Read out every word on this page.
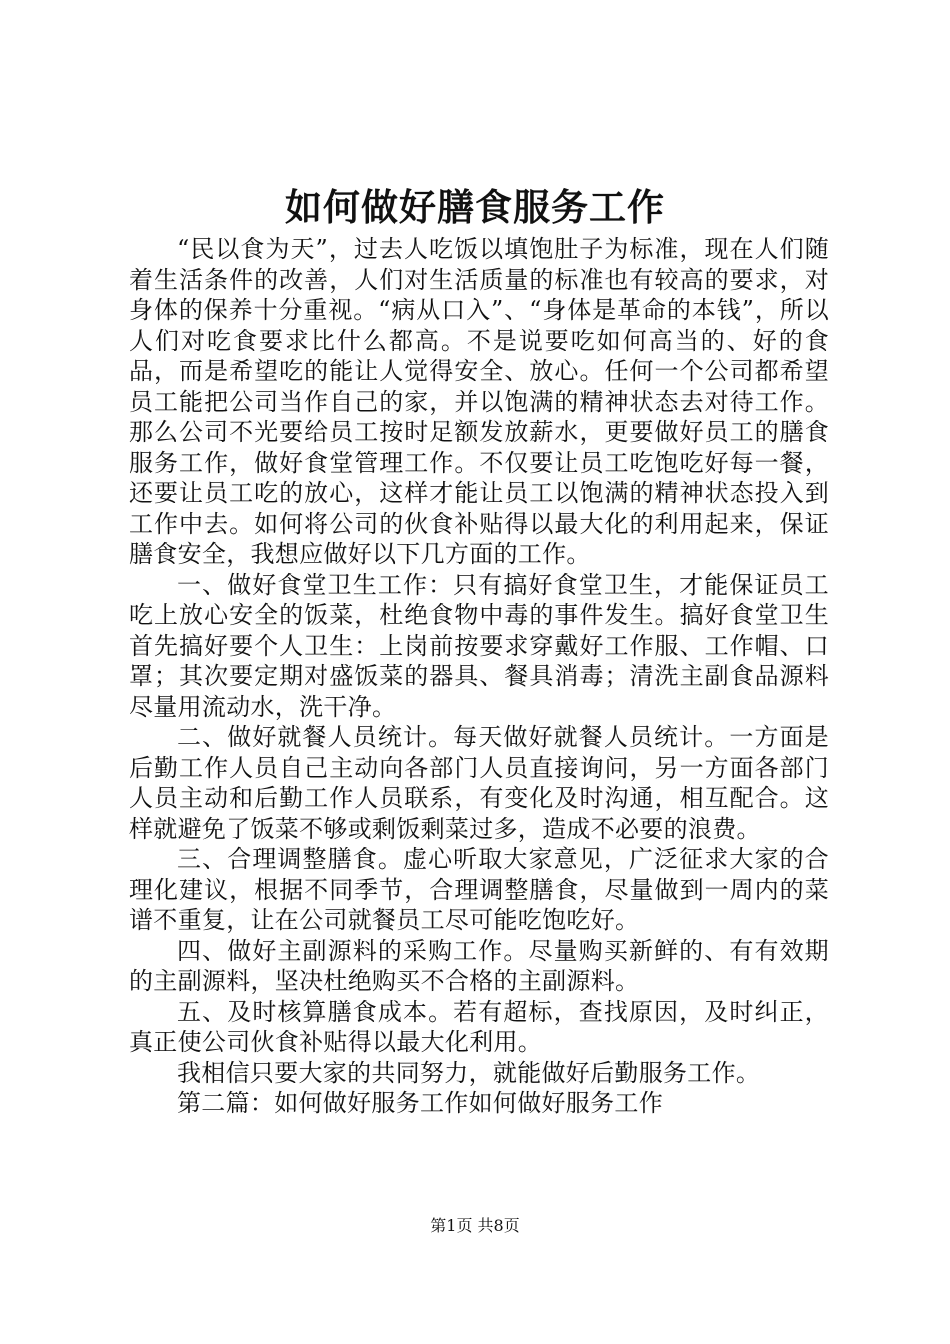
如何做好膳食服务工作

“民以食为天”，过去人吃饭以填饱肚子为标准，现在人们随着生活条件的改善，人们对生活质量的标准也有较高的要求，对身体的保养十分重视。“病从口入”、“身体是革命的本钱”，所以人们对吃食要求比什么都高。不是说要吃如何高当的、好的食品，而是希望吃的能让人觉得安全、放心。任何一个公司都希望员工能把公司当作自己的家，并以饱满的精神状态去对待工作。那么公司不光要给员工按时足额发放薪水，更要做好员工的膳食服务工作，做好食堂管理工作。不仅要让员工吃饱吃好每一餐，还要让员工吃的放心，这样才能让员工以饱满的精神状态投入到工作中去。如何将公司的伙食补贴得以最大化的利用起来，保证膳食安全，我想应做好以下几方面的工作。

一、做好食堂卫生工作：只有搞好食堂卫生，才能保证员工吃上放心安全的饭菜，杜绝食物中毒的事件发生。搞好食堂卫生首先搞好要个人卫生：上岗前按要求穿戴好工作服、工作帽、口罩；其次要定期对盛饭菜的器具、餐具消毒；清洗主副食品源料尽量用流动水，洗干净。

二、做好就餐人员统计。每天做好就餐人员统计。一方面是后勤工作人员自己主动向各部门人员直接询问，另一方面各部门人员主动和后勤工作人员联系，有变化及时沟通，相互配合。这样就避免了饭菜不够或剩饭剩菜过多，造成不必要的浪费。

三、合理调整膳食。虚心听取大家意见，广泛征求大家的合理化建议，根据不同季节，合理调整膳食，尽量做到一周内的菜谱不重复，让在公司就餐员工尽可能吃饱吃好。

四、做好主副源料的采购工作。尽量购买新鲜的、有有效期的主副源料，坚决杜绝购买不合格的主副源料。

五、及时核算膳食成本。若有超标，查找原因，及时纠正，真正使公司伙食补贴得以最大化利用。

我相信只要大家的共同努力，就能做好后勤服务工作。

第二篇：如何做好服务工作如何做好服务工作

第1页 共8页
